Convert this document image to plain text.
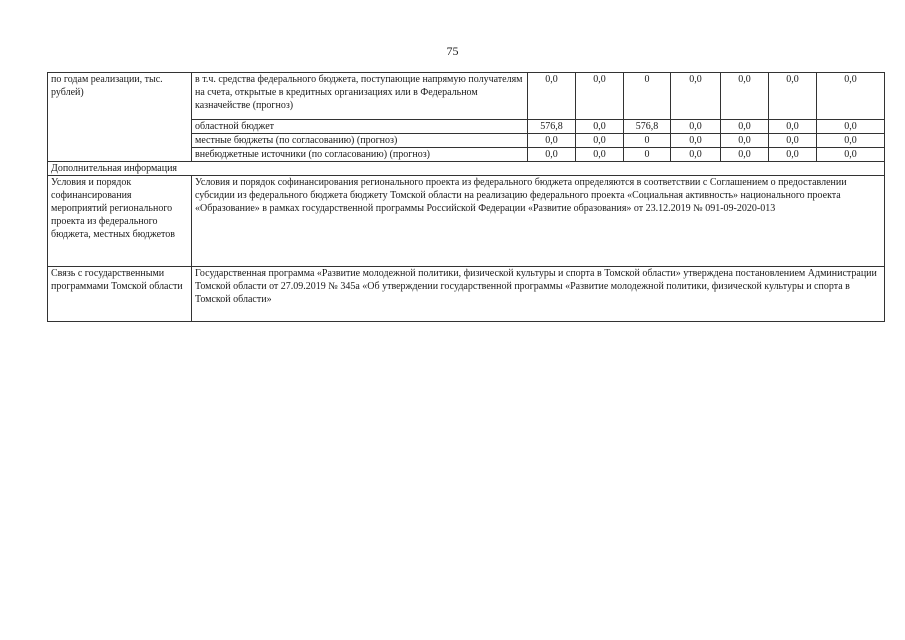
75
по годам реализации, тыс. рублей)	в т.ч. средства федерального бюджета, поступающие напрямую получателям на счета, открытые в кредитных организациях или в Федеральном казначействе (прогноз)	0,0	0,0	0	0,0	0,0	0,0	0,0
	областной бюджет	576,8	0,0	576,8	0,0	0,0	0,0	0,0
	местные бюджеты (по согласованию) (прогноз)	0,0	0,0	0	0,0	0,0	0,0	0,0
	внебюджетные источники (по согласованию) (прогноз)	0,0	0,0	0	0,0	0,0	0,0	0,0
Дополнительная информация								
Условия и порядок софинансирования мероприятий регионального проекта из федерального бюджета, местных бюджетов	Условия и порядок софинансирования регионального проекта из федерального бюджета определяются в соответствии с Соглашением о предоставлении субсидии из федерального бюджета бюджету Томской области на реализацию федерального проекта «Социальная активность» национального проекта «Образование» в рамках государственной программы Российской Федерации «Развитие образования» от 23.12.2019 № 091-09-2020-013							
Связь с государственными программами Томской области	Государственная программа «Развитие молодежной политики, физической культуры и спорта в Томской области» утверждена постановлением Администрации Томской области от 27.09.2019 № 345а «Об утверждении государственной программы «Развитие молодежной политики, физической культуры и спорта в Томской области»							
